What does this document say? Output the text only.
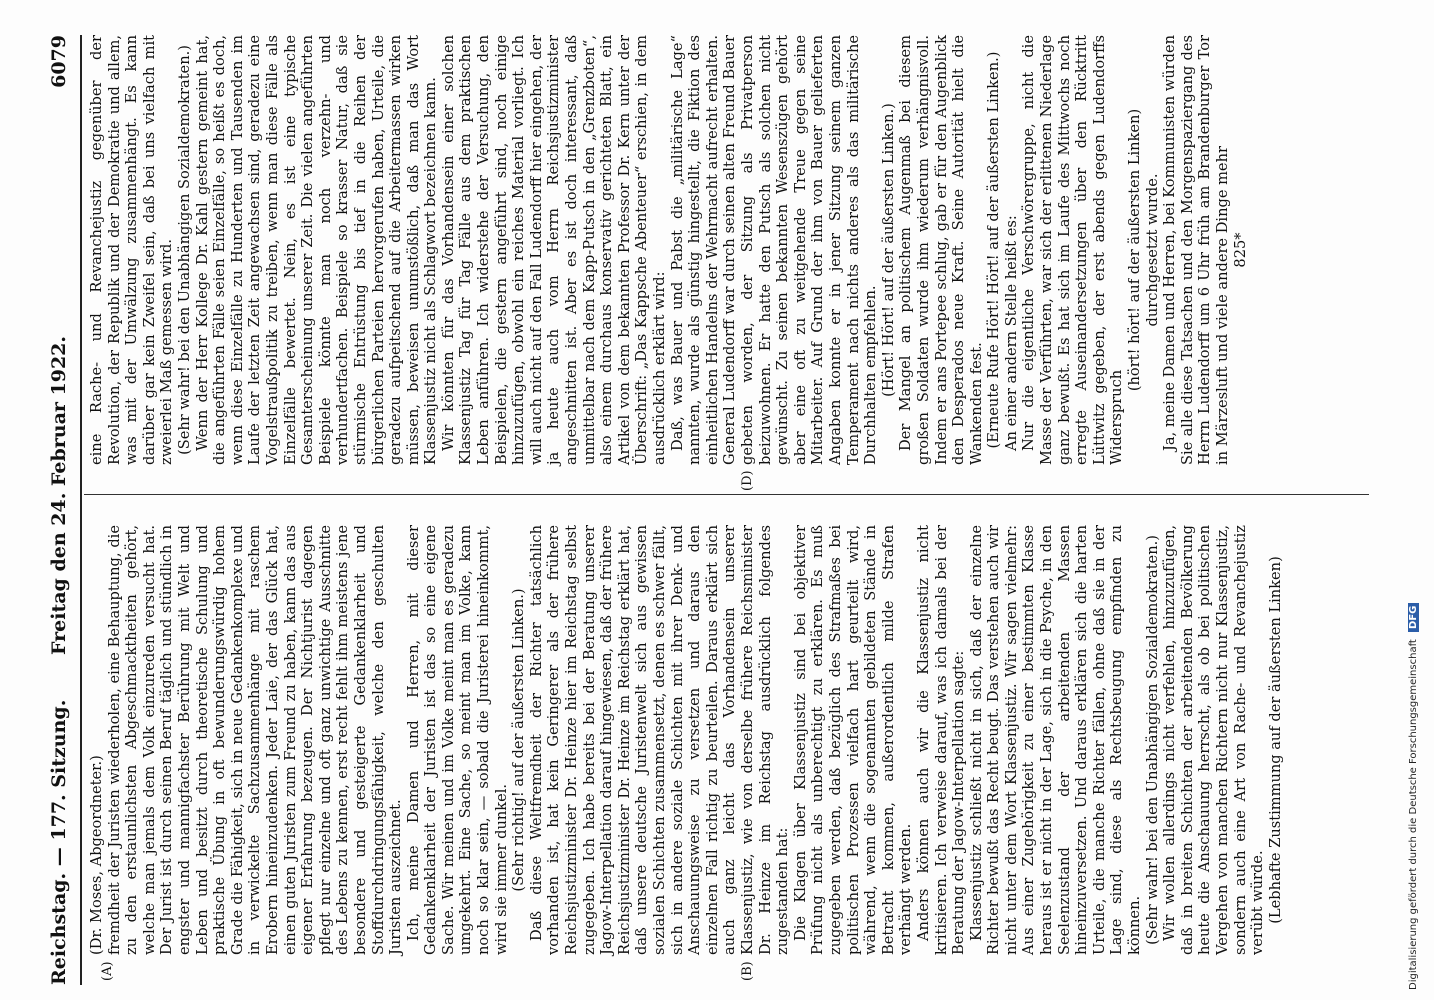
Reichstag. — 177. Sitzung.
Freitag den 24. Februar 1922.
6079
(A)	(B)
(D)

(Dr. Moses, Abgeordneter.) fremdheit der Juristen wiederholen, eine Behauptung, die zu den erstaunlichsten Abgeschmacktheiten gehört, welche man jemals dem Volk einzureden versucht hat. Der Jurist ist durch seinen Beruf täglich und stündlich in engster und mannigfachster Berührung mit Welt und Leben und besitzt durch theoretische Schulung und praktische Übung in oft bewunderungswürdig hohem Grade die Fähigkeit, sich in neue Gedankenkomplexe und in verwickelte Sachzusammenhänge mit raschem Erobern hineinzudenken. Jeder Laie, der das Glück hat, einen guten Juristen zum Freund zu haben, kann das aus eigener Erfahrung bezeugen. Der Nichtjurist dagegen pflegt nur einzelne und oft ganz unwichtige Ausschnitte des Lebens zu kennen, erst recht fehlt ihm meistens jene besondere und gesteigerte Gedankenklarheit und Stoffdurchdringungsfähigkeit, welche den geschulten Juristen auszeichnet. Ich, meine Damen und Herren, mit dieser Gedankenklarheit der Juristen ist das so eine eigene Sache. Wir meinen und im Volke meint man es geradezu umgekehrt. Eine Sache, so meint man im Volke, kann noch so klar sein, — sobald die Juristerei hineinkommt, wird sie immer dunkel. (Sehr richtig! auf der äußersten Linken.) Daß diese Weltfremdheit der Richter tatsächlich vorhanden ist, hat kein Geringerer als der frühere Reichsjustizminister Dr. Heinze hier im Reichstag selbst zugegeben. Ich habe bereits bei der Beratung unserer Jagow-Interpellation darauf hingewiesen, daß der frühere Reichsjustizminister Dr. Heinze im Reichstag erklärt hat, daß unsere deutsche Juristenwelt sich aus gewissen sozialen Schichten zusammensetzt, denen es schwer fällt, sich in andere soziale Schichten mit ihrer Denk- und Anschauungsweise zu versetzen und daraus den einzelnen Fall richtig zu beurteilen. Daraus erklärt sich auch ganz leicht das Vorhandensein unserer Klassenjustiz, wie von derselbe frühere Reichsminister Dr. Heinze im Reichstag ausdrücklich folgendes zugestanden hat: Die Klagen über Klassenjustiz sind bei objektiver Prüfung nicht als unberechtigt zu erklären. Es muß zugegeben werden, daß bezüglich des Strafmaßes bei politischen Prozessen vielfach hart geurteilt wird, während, wenn die sogenannten gebildeten Stände in Betracht kommen, außerordentlich milde Strafen verhängt werden. Anders können auch wir die Klassenjustiz nicht kritisieren. Ich verweise darauf, was ich damals bei der Beratung der Jagow-Interpellation sagte: Klassenjustiz schließt nicht in sich, daß der einzelne Richter bewußt das Recht beugt. Das verstehen auch wir nicht unter dem Wort Klassenjustiz. Wir sagen vielmehr: Aus einer Zugehörigkeit zu einer bestimmten Klasse heraus ist er nicht in der Lage, sich in die Psyche, in den Seelenzustand der arbeitenden Massen hineinzuversetzen. Und daraus erklären sich die harten Urteile, die manche Richter fällen, ohne daß sie in der Lage sind, diese als Rechtsbeugung empfinden zu können. (Sehr wahr! bei den Unabhängigen Sozialdemokraten.) Wir wollen allerdings nicht verfehlen, hinzuzufügen, daß in breiten Schichten der arbeitenden Bevölkerung heute die Anschauung herrscht, als ob bei politischen Vergehen von manchen Richtern nicht nur Klassenjustiz, sondern auch eine Art von Rache- und Revanchejustiz verübt würde. (Lebhafte Zustimmung auf der äußersten Linken)

eine Rache- und Revanchejustiz gegenüber der Revolution, der Republik und der Demokratie und allem, was mit der Umwälzung zusammenhängt. Es kann darüber gar kein Zweifel sein, daß bei uns vielfach mit zweierlei Maß gemessen wird. (Sehr wahr! bei den Unabhängigen Sozialdemokraten.) Wenn der Herr Kollege Dr. Kahl gestern gemeint hat, die angeführten Fälle seien Einzelfälle, so heißt es doch, wenn diese Einzelfälle zu Hunderten und Tausenden im Laufe der letzten Zeit angewachsen sind, geradezu eine Vogelstraußpolitik zu treiben, wenn man diese Fälle als Einzelfälle bewertet. Nein, es ist eine typische Gesamterscheinung unserer Zeit. Die vielen angeführten Beispiele könnte man noch verzehn- und verhundertfachen. Beispiele so krasser Natur, daß sie stürmische Entrüstung bis tief in die Reihen der bürgerlichen Parteien hervorgerufen haben, Urteile, die geradezu aufpeitschend auf die Arbeitermassen wirken müssen, beweisen unumstößlich, daß man das Wort Klassenjustiz nicht als Schlagwort bezeichnen kann. Wir könnten für das Vorhandensein einer solchen Klassenjustiz Tag für Tag Fälle aus dem praktischen Leben anführen. Ich widerstehe der Versuchung, den Beispielen, die gestern angeführt sind, noch einige hinzuzufügen, obwohl ein reiches Material vorliegt. Ich will auch nicht auf den Fall Ludendorff hier eingehen, der ja heute auch vom Herrn Reichsjustizminister angeschnitten ist. Aber es ist doch interessant, daß unmittelbar nach dem Kapp-Putsch in den „Grenzboten“, also einem durchaus konservativ gerichteten Blatt, ein Artikel von dem bekannten Professor Dr. Kern unter der Überschrift: „Das Kappsche Abenteuer“ erschien, in dem ausdrücklich erklärt wird: Daß, was Bauer und Pabst die „militärische Lage“ nannten, wurde als günstig hingestellt, die Fiktion des einheitlichen Handelns der Wehrmacht aufrecht erhalten. General Ludendorff war durch seinen alten Freund Bauer gebeten worden, der Sitzung als Privatperson beizuwohnen. Er hatte den Putsch als solchen nicht gewünscht. Zu seinen bekannten Wesenszügen gehört aber eine oft zu weitgehende Treue gegen seine Mitarbeiter. Auf Grund der ihm von Bauer gelieferten Angaben konnte er in jener Sitzung seinem ganzen Temperament nach nichts anderes als das militärische Durchhalten empfehlen. (Hört! Hört! auf der äußersten Linken.) Der Mangel an politischem Augenmaß bei diesem großen Soldaten wurde ihm wiederum verhängnisvoll. Indem er ans Portepee schlug, gab er für den Augenblick den Desperados neue Kraft. Seine Autorität hielt die Wankenden fest. (Erneute Rufe Hört! Hört! auf der äußersten Linken.) An einer andern Stelle heißt es: Nur die eigentliche Verschwörergruppe, nicht die Masse der Verführten, war sich der erlittenen Niederlage ganz bewußt. Es hat sich im Laufe des Mittwochs noch erregte Auseinandersetzungen über den Rücktritt Lüttwitz gegeben, der erst abends gegen Ludendorffs Widerspruch

(hört! hört! auf der äußersten Linken) durchgesetzt wurde. Ja, meine Damen und Herren, bei Kommunisten würden Sie alle diese Tatsachen und den Morgenspaziergang des Herrn Ludendorff um 6 Uhr früh am Brandenburger Tor in Märzesluft und viele andere Dinge mehr 825*

Digitalisierung gefördert durch die Deutsche Forschungsgemeinschaft DFG
